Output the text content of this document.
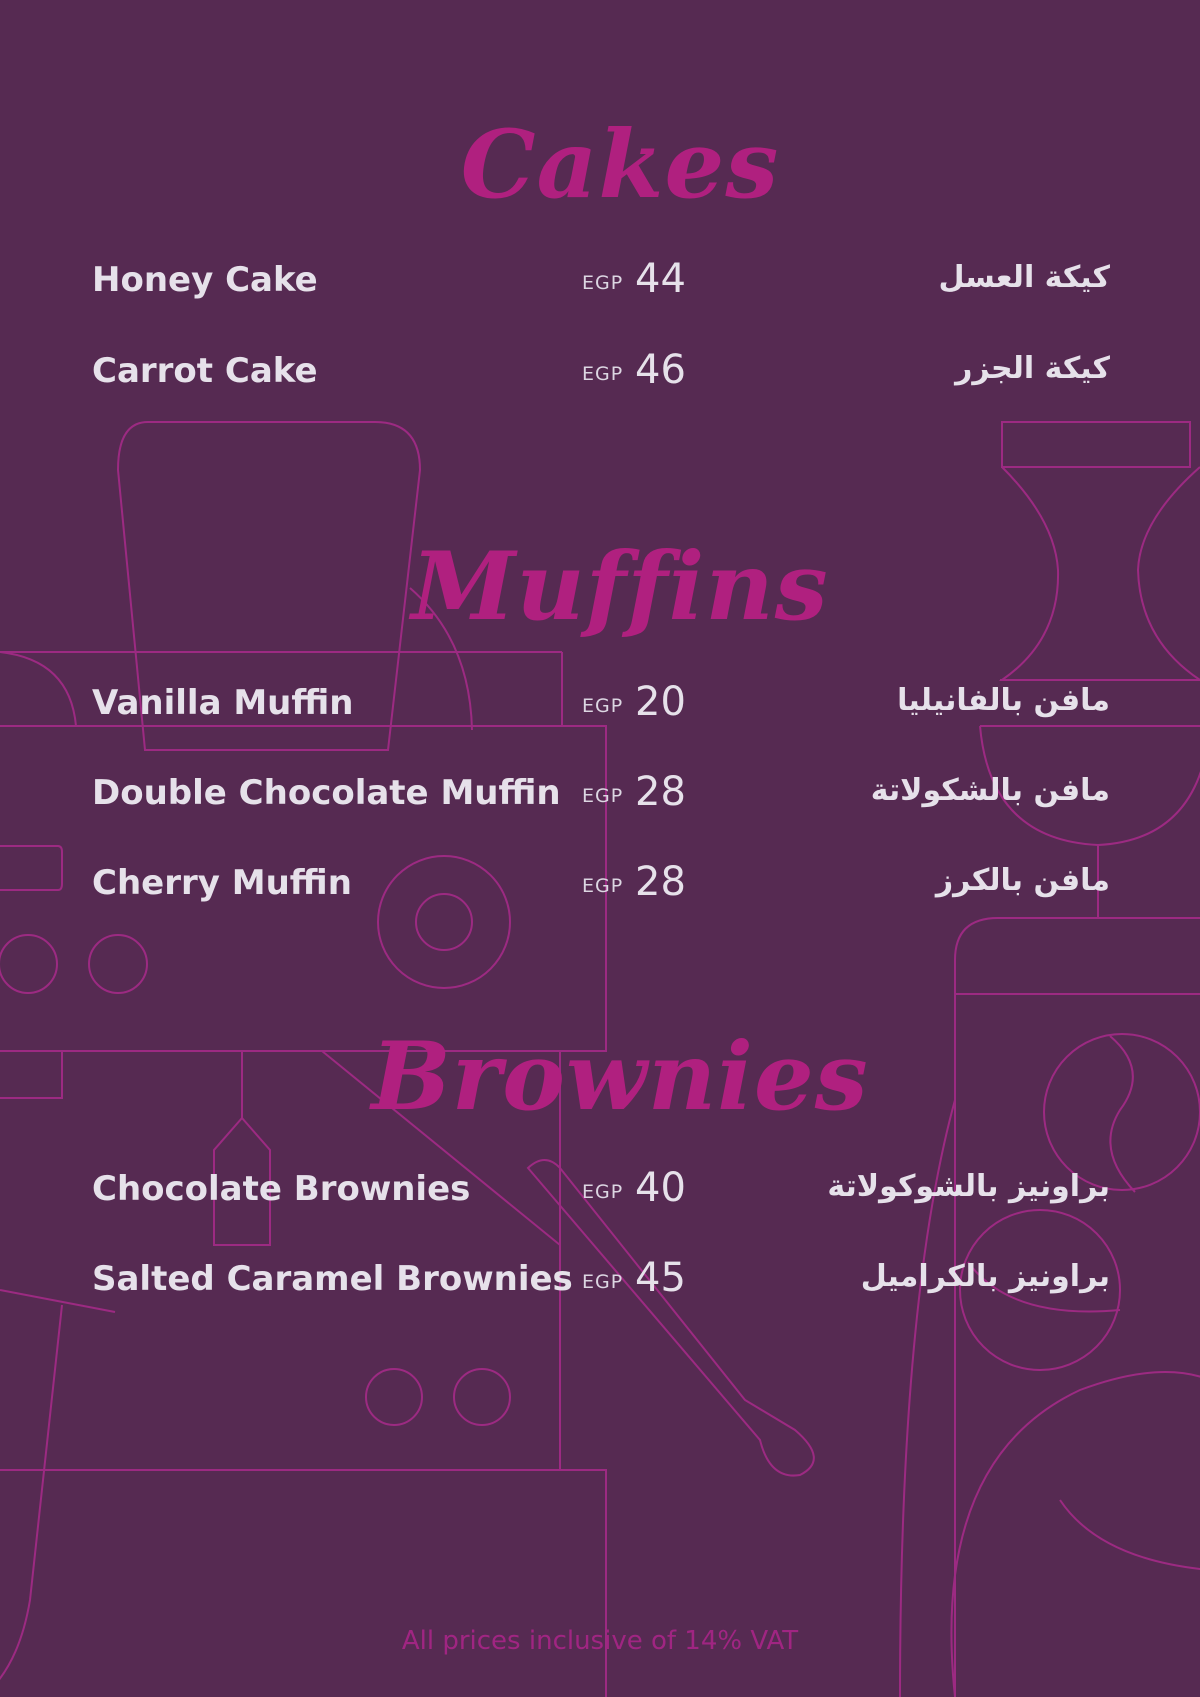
Cakes
Honey Cake	EGP 44	كيكة العسل
Carrot Cake	EGP 46	كيكة الجزر
Muffins
Vanilla Muffin	EGP 20	مافن بالفانيليا
Double Chocolate Muffin EGP 28	مافن بالشكولاتة
Cherry Muffin	EGP 28	مافن بالكرز
Brownies
Chocolate Brownies	EGP 40	براونيز بالشوكولاتة
Salted Caramel Brownies EGP 45	براونيز بالكراميل
All prices inclusive of 14% VAT
